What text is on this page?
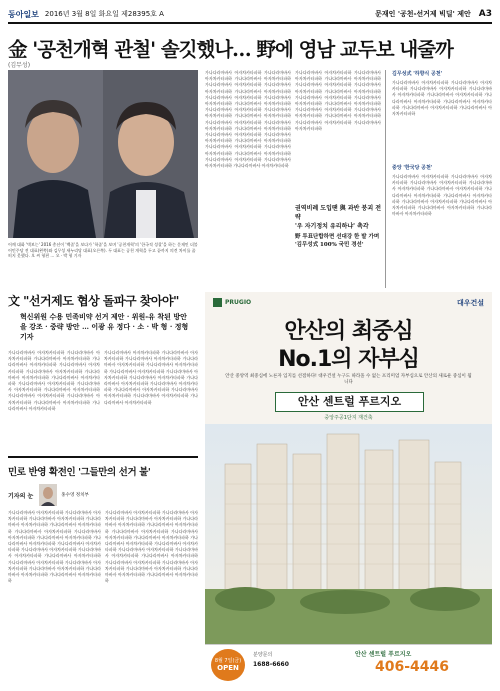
동아일보 2016년 3월 8일 화요일 제28395호 A	문재인 '공천-선거제 빅딜' 제안 A3
金 '공천개혁 관철' 솔깃했나… 野에 영남 교두보 내줄까
(김무성)
어깨 대화 '벽보는' 2016 총선이 '백좀'을 보다가 '학좀'을 보며 '공천개혁'의 '한국적 성찰'을 하는 문재인 더불어민주당 전 대표(왼쪽)와 김무성 새누리당 대표(오른쪽). 두 대표는 공천 개혁을 두고 끝까지 의견 차이를 좁히지 못했다. 오 씨 형편 … 오 · 박 형 기자
文 "선거제도 협상 돌파구 찾아야"
혁신위원 수용 민족비약 선거 제안 · 위원-유 착된 방안을 강조 · 중략 방안 … 이광 유 정다 · 소 · 박 형 · 정형 기자
가나다라마바사 아자차카타파하 가나다라마바사 아자차카타파하 가나다라마바사 아자차카타파하 가나다라마바사 아자차카타파하 가나다라마바사 아자차카타파하 가나다라마바사 아자차카타파하 가나다라마바사 아자차카타파하 가나다라마바사 아자차카타파하 가나다라마바사 아자차카타파하 가나다라마바사 아자차카타파하 가나다라마바사 아자차카타파하 가나다라마바사 아자차카타파하 가나다라마바사 아자차카타파하 가나다라마바사 아자차카타파하 가나다라마바사 아자차카타파하
가나다라마바사 아자차카타파하 가나다라마바사 아자차카타파하 가나다라마바사 아자차카타파하 가나다라마바사 아자차카타파하 가나다라마바사 아자차카타파하 가나다라마바사 아자차카타파하 가나다라마바사 아자차카타파하 가나다라마바사 아자차카타파하 가나다라마바사 아자차카타파하 가나다라마바사 아자차카타파하 가나다라마바사 아자차카타파하 가나다라마바사 아자차카타파하 가나다라마바사 아자차카타파하 가나다라마바사 아자차카타파하
가나다라마바사 아자차카타파하 가나다라마바사 아자차카타파하 가나다라마바사 아자차카타파하 가나다라마바사 아자차카타파하 가나다라마바사 아자차카타파하 가나다라마바사 아자차카타파하 가나다라마바사 아자차카타파하 가나다라마바사 아자차카타파하 가나다라마바사 아자차카타파하 가나다라마바사 아자차카타파하 가나다라마바사 아자차카타파하 가나다라마바사 아자차카타파하 가나다라마바사 아자차카타파하 가나다라마바사 아자차카타파하 가나다라마바사 아자차카타파하 가나다라마바사 아자차카타파하 가나다라마바사 아자차카타파하 가나다라마바사 아자차카타파하 가나다라마바사 아자차카타파하 가나다라마바사 아자차카타파하 가나다라마바사 아자차카타파하 가나다라마바사 아자차카타파하 가나다라마바사 아자차카타파하 가나다라마바사 아자차카타파하
가나다라마바사 아자차카타파하 가나다라마바사 아자차카타파하 가나다라마바사 아자차카타파하 가나다라마바사 아자차카타파하 가나다라마바사 아자차카타파하 가나다라마바사 아자차카타파하 가나다라마바사 아자차카타파하 가나다라마바사 아자차카타파하 가나다라마바사 아자차카타파하 가나다라마바사 아자차카타파하 가나다라마바사 아자차카타파하 가나다라마바사 아자차카타파하 가나다라마바사 아자차카타파하 가나다라마바사 아자차카타파하
권역비례 도입땐 與 과반 붕괴 전략
'우 자기정치 유리하냐' 촉각
野 투표단합하면 선대강 한 발 가며 '김무성式 100% 국민 경선'
김무성式 '하향식 공천'
가나다라마바사 아자차카타파하 가나다라마바사 아자차카타파하 가나다라마바사 아자차카타파하 가나다라마바사 아자차카타파하 가나다라마바사 아자차카타파하 가나다라마바사 아자차카타파하 가나다라마바사 아자차카타파하 가나다라마바사 아자차카타파하 가나다라마바사 아자차카타파하
중앙 '한국당 공천'
가나다라마바사 아자차카타파하 가나다라마바사 아자차카타파하 가나다라마바사 아자차카타파하 가나다라마바사 아자차카타파하 가나다라마바사 아자차카타파하 가나다라마바사 아자차카타파하 가나다라마바사 아자차카타파하 가나다라마바사 아자차카타파하 가나다라마바사 아자차카타파하 가나다라마바사 아자차카타파하 가나다라마바사 아자차카타파하
민로 반영 확전인 '그들만의 선거 불'
기자의 눈	홍수영 정치부
가나다라마바사 아자차카타파하 가나다라마바사 아자차카타파하 가나다라마바사 아자차카타파하 가나다라마바사 아자차카타파하 가나다라마바사 아자차카타파하 가나다라마바사 아자차카타파하 가나다라마바사 아자차카타파하 가나다라마바사 아자차카타파하 가나다라마바사 아자차카타파하 가나다라마바사 아자차카타파하 가나다라마바사 아자차카타파하 가나다라마바사 아자차카타파하 가나다라마바사 아자차카타파하 가나다라마바사 아자차카타파하 가나다라마바사 아자차카타파하 가나다라마바사 아자차카타파하 가나다라마바사 아자차카타파하 가나다라마바사 아자차카타파하
가나다라마바사 아자차카타파하 가나다라마바사 아자차카타파하 가나다라마바사 아자차카타파하 가나다라마바사 아자차카타파하 가나다라마바사 아자차카타파하 가나다라마바사 아자차카타파하 가나다라마바사 아자차카타파하 가나다라마바사 아자차카타파하 가나다라마바사 아자차카타파하 가나다라마바사 아자차카타파하 가나다라마바사 아자차카타파하 가나다라마바사 아자차카타파하 가나다라마바사 아자차카타파하 가나다라마바사 아자차카타파하 가나다라마바사 아자차카타파하 가나다라마바사 아자차카타파하 가나다라마바사 아자차카타파하 가나다라마바사 아자차카타파하
PRUGIO	대우건설
안산의 최중심
No.1의 자부심
안산 중앙역 최중심에 노른자 입지를 선점하다! 대우건설 누구도 따라올 수 없는 프리미엄 자부심으로 안산의 새로운 중심이 됩니다
안산 센트럴 푸르지오
중앙주공1단지 재건축
8월 7일(금)
OPEN
분양문의
1688-6660
안산 센트럴 푸르지오
406-4446
